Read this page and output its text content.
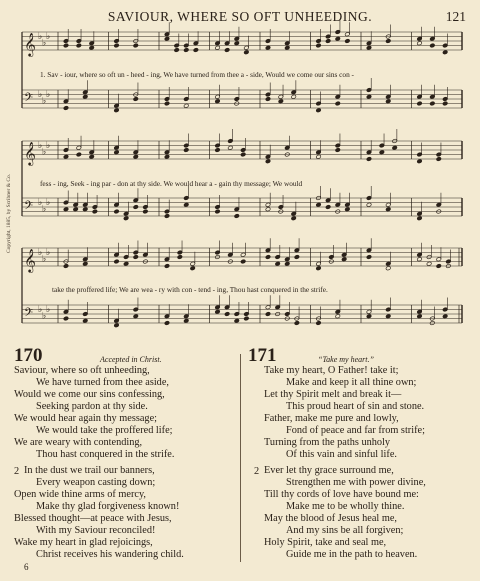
SAVIOUR, WHERE SO OFT UNHEEDING.	121
Copyright, 1885, by Scribner & Co.
𝄞 ♭
♭
♭
𝄢 ♭
♭
♭
𝄞 ♭
♭
♭
𝄢 ♭
♭
♭
𝄞 ♭
♭
♭
𝄢 ♭
♭
♭
1. Sav - iour, where so oft un - heed - ing, We have turned from thee a - side, Would we come our sins con -
fess - ing, Seek - ing par - don at thy side. We would hear a - gain thy message; We would
take the proffered life; We are wea - ry with con - tend - ing, Thou hast conquered in the strife.
170	Accepted in Christ.
Saviour, where so oft unheeding,
We have turned from thee aside,
Would we come our sins confessing,
Seeking pardon at thy side.
We would hear again thy message;
We would take the proffered life;
We are weary with contending,
Thou hast conquered in the strife.
2 In the dust we trail our banners,
Every weapon casting down;
Open wide thine arms of mercy,
Make thy glad forgiveness known!
Blessed thought—at peace with Jesus,
With my Saviour reconciled!
Wake my heart in glad rejoicings,
Christ receives his wandering child.
6
171	“Take my heart.”
Take my heart, O Father! take it;
Make and keep it all thine own;
Let thy Spirit melt and break it—
This proud heart of sin and stone.
Father, make me pure and lowly,
Fond of peace and far from strife;
Turning from the paths unholy
Of this vain and sinful life.
2 Ever let thy grace surround me,
Strengthen me with power divine,
Till thy cords of love have bound me:
Make me to be wholly thine.
May the blood of Jesus heal me,
And my sins be all forgiven;
Holy Spirit, take and seal me,
Guide me in the path to heaven.
